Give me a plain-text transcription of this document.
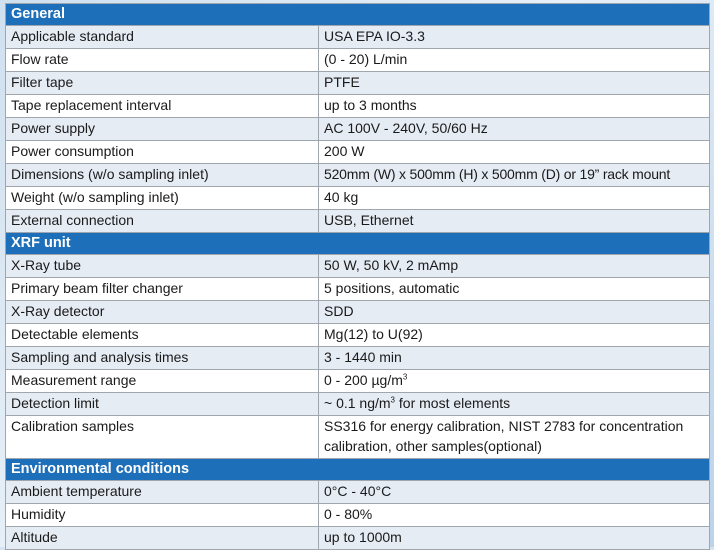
General	
Applicable standard	USA EPA IO-3.3
Flow rate	(0 - 20) L/min
Filter tape	PTFE
Tape replacement interval	up to 3 months
Power supply	AC 100V - 240V, 50/60 Hz
Power consumption	200 W
Dimensions (w/o sampling inlet)	520mm (W) x 500mm (H) x 500mm (D) or 19” rack mount
Weight (w/o sampling inlet)	40 kg
External connection	USB, Ethernet
XRF unit	
X-Ray tube	50 W, 50 kV, 2 mAmp
Primary beam filter changer	5 positions, automatic
X-Ray detector	SDD
Detectable elements	Mg(12) to U(92)
Sampling and analysis times	3 - 1440 min
Measurement range	0 - 200 $\mu g/m^3$
Detection limit	~ 0.1 $ng/m^3$ for most elements
Calibration samples	SS316 for energy calibration, NIST 2783 for concentration calibration, other samples(optional)
Environmental conditions	
Ambient temperature	0°C - 40°C
Humidity	0 - 80%
Altitude	up to 1000m
